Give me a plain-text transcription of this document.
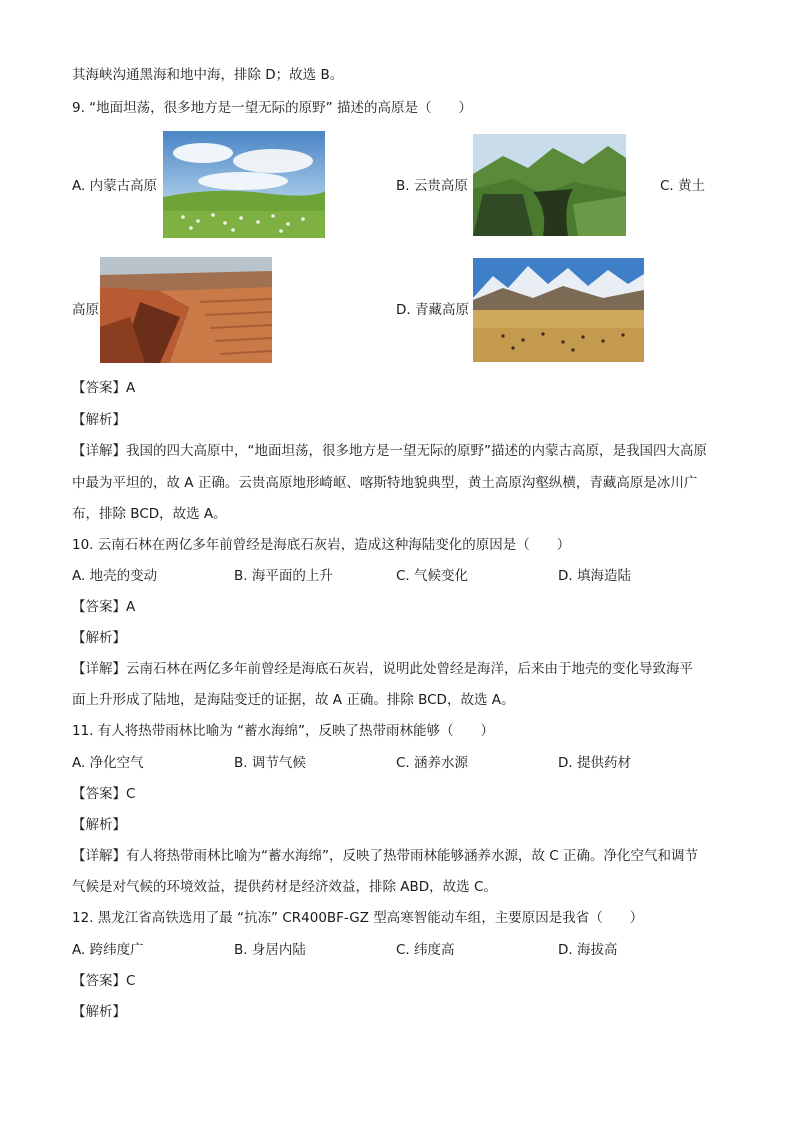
其海峡沟通黑海和地中海，排除 D；故选 B。
9. “地面坦荡，很多地方是一望无际的原野” 描述的高原是（　　）
A. 内蒙古高原	B. 云贵高原	C. 黄土
高原	D. 青藏高原
【答案】A
【解析】
【详解】我国的四大高原中，“地面坦荡，很多地方是一望无际的原野”描述的内蒙古高原，是我国四大高原
中最为平坦的，故 A 正确。云贵高原地形崎岖、喀斯特地貌典型，黄土高原沟壑纵横，青藏高原是冰川广
布，排除 BCD，故选 A。
10. 云南石林在两亿多年前曾经是海底石灰岩，造成这种海陆变化的原因是（　　）
A. 地壳的变动	B. 海平面的上升	C. 气候变化	D. 填海造陆
【答案】A
【解析】
【详解】云南石林在两亿多年前曾经是海底石灰岩，说明此处曾经是海洋，后来由于地壳的变化导致海平
面上升形成了陆地，是海陆变迁的证据，故 A 正确。排除 BCD，故选 A。
11. 有人将热带雨林比喻为 “蓄水海绵”，反映了热带雨林能够（　　）
A. 净化空气	B. 调节气候	C. 涵养水源	D. 提供药材
【答案】C
【解析】
【详解】有人将热带雨林比喻为“蓄水海绵”，反映了热带雨林能够涵养水源，故 C 正确。净化空气和调节
气候是对气候的环境效益，提供药材是经济效益，排除 ABD，故选 C。
12. 黑龙江省高铁选用了最 “抗冻” CR400BF-GZ 型高寒智能动车组，主要原因是我省（　　）
A. 跨纬度广	B. 身居内陆	C. 纬度高	D. 海拔高
【答案】C
【解析】
